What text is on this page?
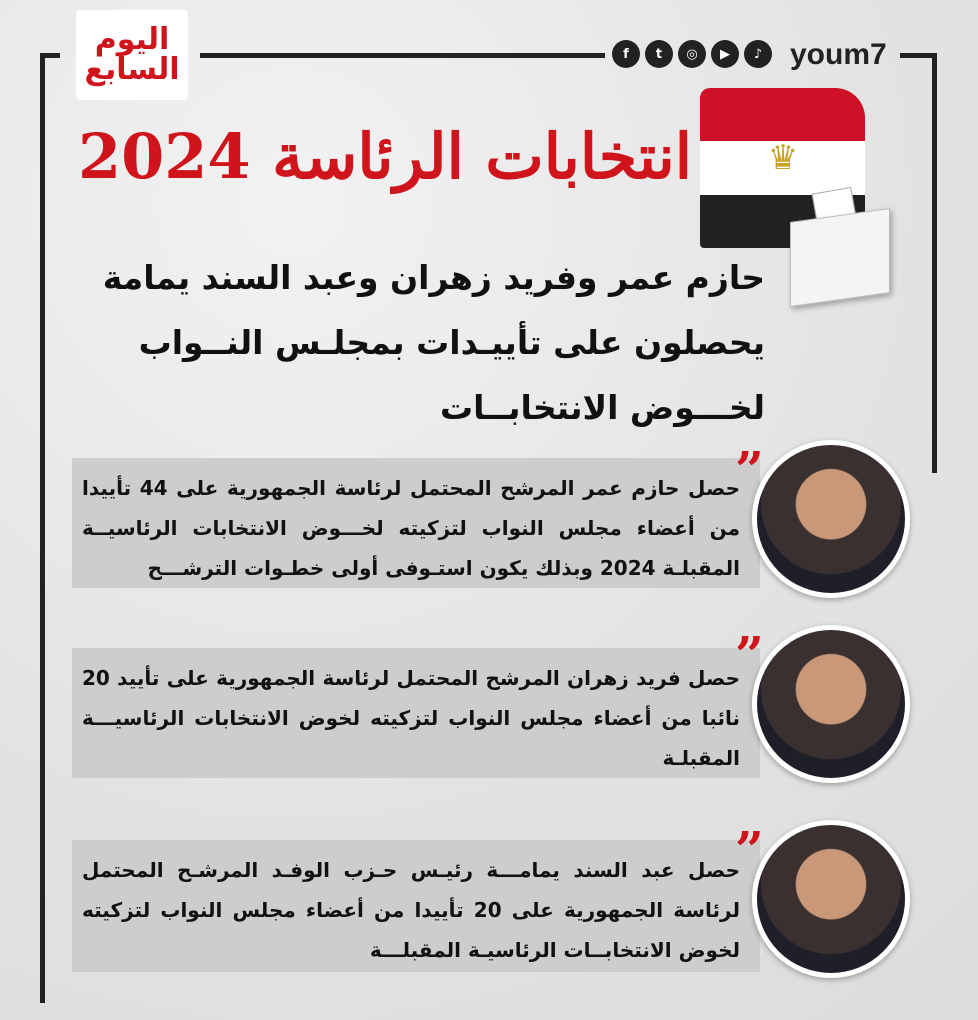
اليوم
السابع	f	t	◎	▶	♪ youm7
انتخابات الرئاسة 2024 ♛
حازم عمر وفريد زهران وعبد السند يمامة
يحصلون على تأييـدات بمجلـس النــواب
لخـــوض الانتخابــات

حصل حازم عمر المرشح المحتمل لرئاسة الجمهورية على 44 تأييدا من أعضاء مجلس النواب لتزكيته لخـــوض الانتخابات الرئاسيــة المقبلـة 2024 وبذلك يكون استـوفى أولى خطـوات الترشـــح

”

حصل فريد زهران المرشح المحتمل لرئاسة الجمهورية على تأييد 20 نائبا من أعضاء مجلس النواب لتزكيته لخوض الانتخابات الرئاسيـــة المقبلـة

”

حصل عبد السند يمامـــة رئيـس حـزب الوفـد المرشـح المحتمل لرئاسة الجمهورية على 20 تأييدا من أعضاء مجلس النواب لتزكيته لخوض الانتخابــات الرئاسيـة المقبلـــة

”
